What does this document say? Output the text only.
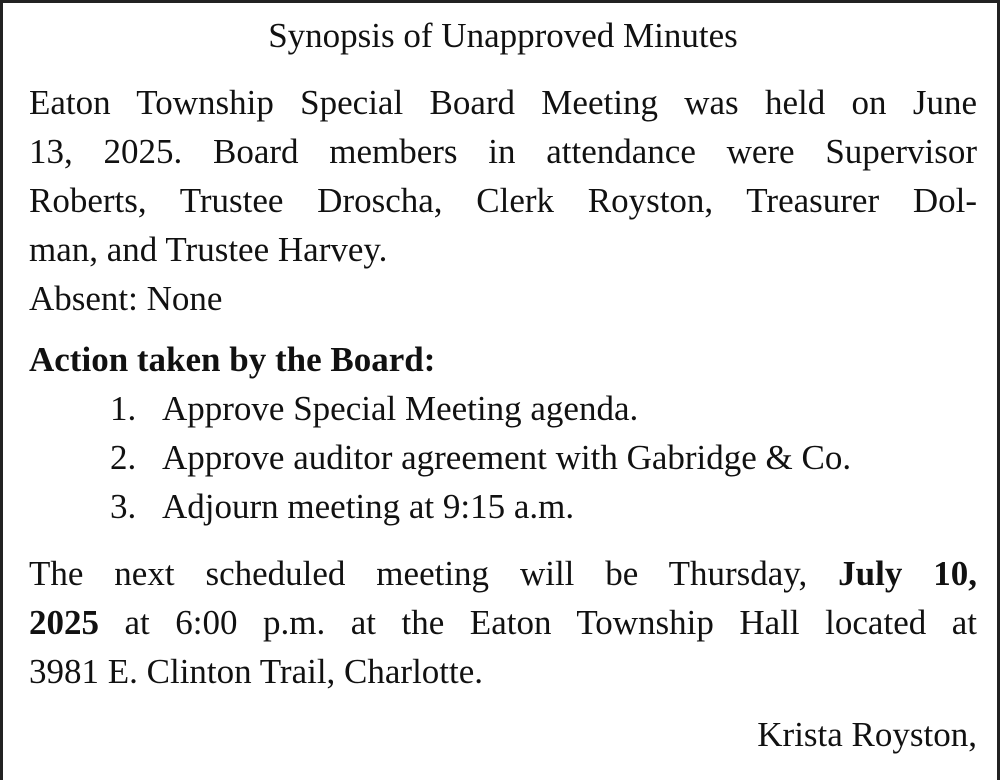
Synopsis of Unapproved Minutes

Eaton Township Special Board Meeting was held on June
13, 2025. Board members in attendance were Supervisor
Roberts, Trustee Droscha, Clerk Royston, Treasurer Dol-
man, and Trustee Harvey.

Absent: None

Action taken by the Board:

1. Approve Special Meeting agenda.
2. Approve auditor agreement with Gabridge & Co.
3. Adjourn meeting at 9:15 a.m.
The next scheduled meeting will be Thursday, July 10,
2025 at 6:00 p.m. at the Eaton Township Hall located at
3981 E. Clinton Trail, Charlotte.

Krista Royston,
